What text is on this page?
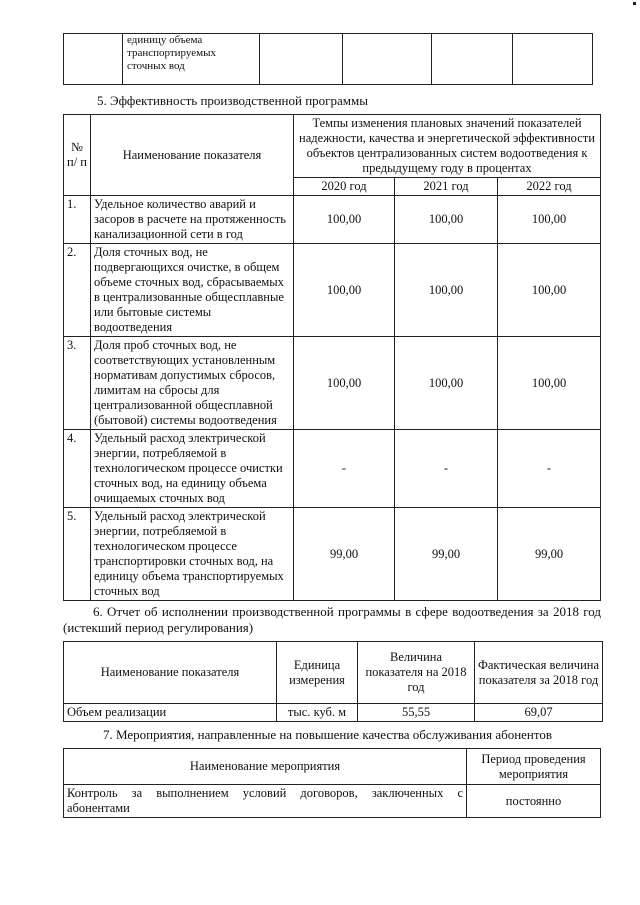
	единицу объема транспортируемых сточных вод				

5. Эффективность производственной программы

№ п/ п	Наименование показателя	Темпы изменения плановых значений показателей надежности, качества и энергетической эффективности объектов централизованных систем водоотведения к предыдущему году в процентах		
		2020 год	2021 год	2022 год
1.	Удельное количество аварий и засоров в расчете на протяженность канализационной сети в год	100,00	100,00	100,00
2.	Доля сточных вод, не подвергающихся очистке, в общем объеме сточных вод, сбрасываемых в централизованные общесплавные или бытовые системы водоотведения	100,00	100,00	100,00
3.	Доля проб сточных вод, не соответствующих установленным нормативам допустимых сбросов, лимитам на сбросы для централизованной общесплавной (бытовой) системы водоотведения	100,00	100,00	100,00
4.	Удельный расход электрической энергии, потребляемой в технологическом процессе очистки сточных вод, на единицу объема очищаемых сточных вод	-	-	-
5.	Удельный расход электрической энергии, потребляемой в технологическом процессе транспортировки сточных вод, на единицу объема транспортируемых сточных вод	99,00	99,00	99,00

6. Отчет об исполнении производственной программы в сфере водоотведения за 2018 год

(истекший период регулирования)

Наименование показателя	Единица измерения	Величина показателя на 2018 год	Фактическая величина показателя за 2018 год
Объем реализации	тыс. куб. м	55,55	69,07

7. Мероприятия, направленные на повышение качества обслуживания абонентов

Наименование мероприятия	Период проведения мероприятия
Контроль за выполнением условий договоров, заключенных с абонентами	постоянно
